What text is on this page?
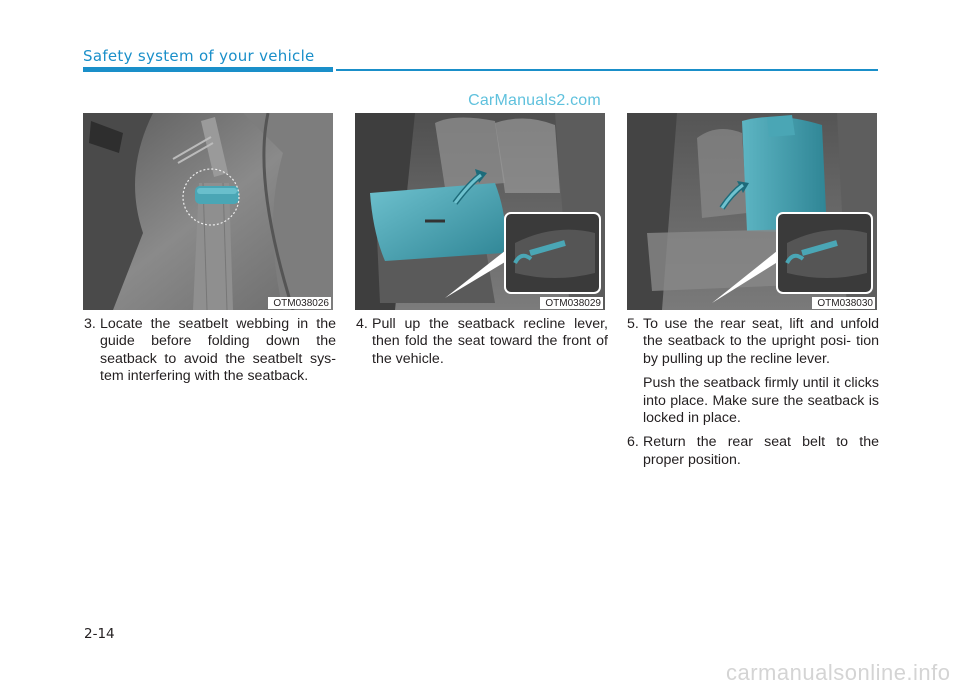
Safety system of your vehicle
CarManuals2.com
OTM038026	OTM038029	OTM038030

3. Locate the seatbelt webbing in the guide before folding down the seatback to avoid the seatbelt sys- tem interfering with the seatback.

4. Pull up the seatback recline lever, then fold the seat toward the front of the vehicle.

5. To use the rear seat, lift and unfold the seatback to the upright posi- tion by pulling up the recline lever.

Push the seatback firmly until it clicks into place. Make sure the seatback is locked in place.

6. Return the rear seat belt to the proper position.

2-14
carmanualsonline.info
